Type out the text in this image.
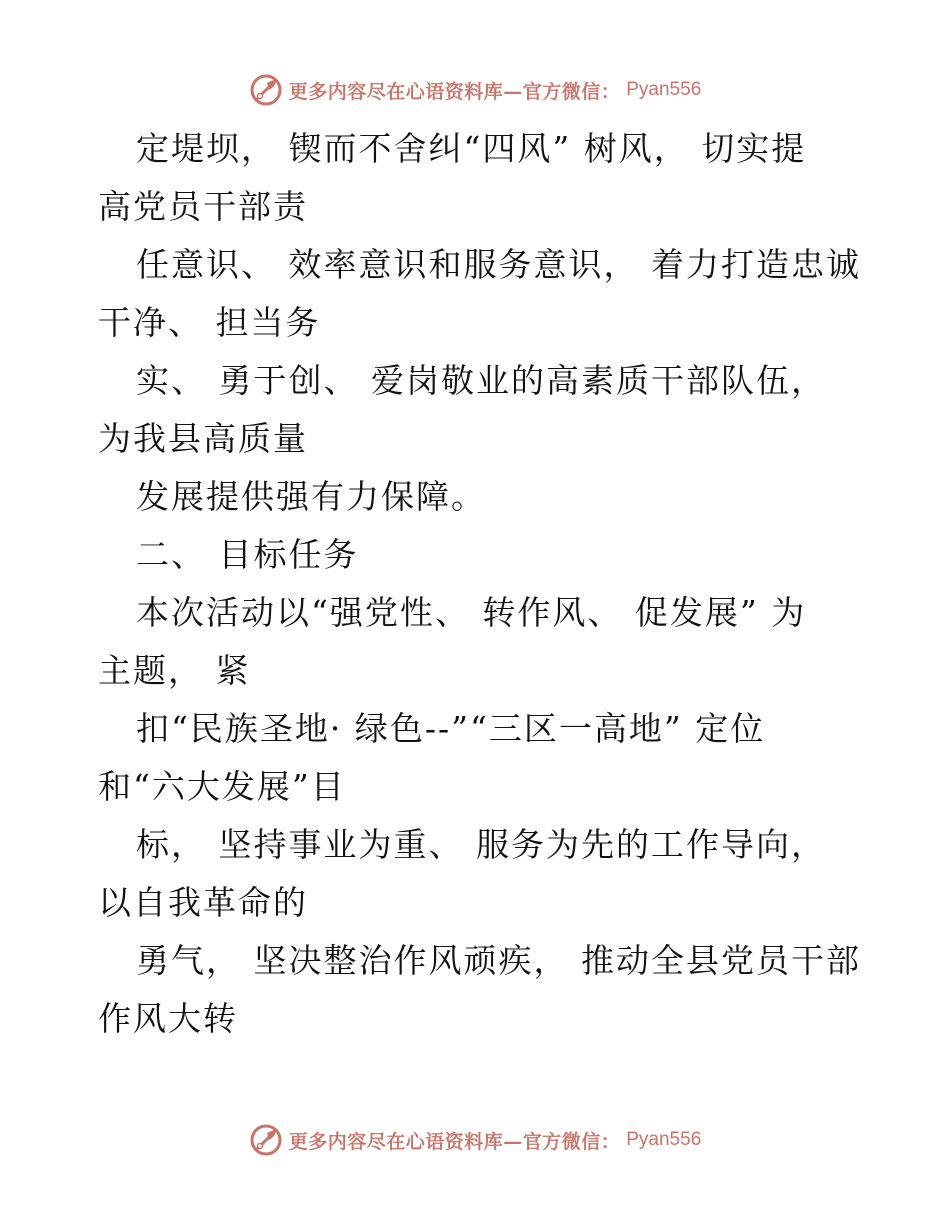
更多内容尽在心语资料库—官方微信： Pyan556
定堤坝， 锲而不舍纠“四风” 树风， 切实提
高党员干部责
任意识、 效率意识和服务意识， 着力打造忠诚
干净、 担当务
实、 勇于创、 爱岗敬业的高素质干部队伍，
为我县高质量
发展提供强有力保障。
二、 目标任务
本次活动以“强党性、 转作风、 促发展” 为
主题， 紧
扣“民族圣地· 绿色--”“三区一高地” 定位
和“六大发展”目
标， 坚持事业为重、 服务为先的工作导向，
以自我革命的
勇气， 坚决整治作风顽疾， 推动全县党员干部
作风大转
更多内容尽在心语资料库—官方微信： Pyan556
